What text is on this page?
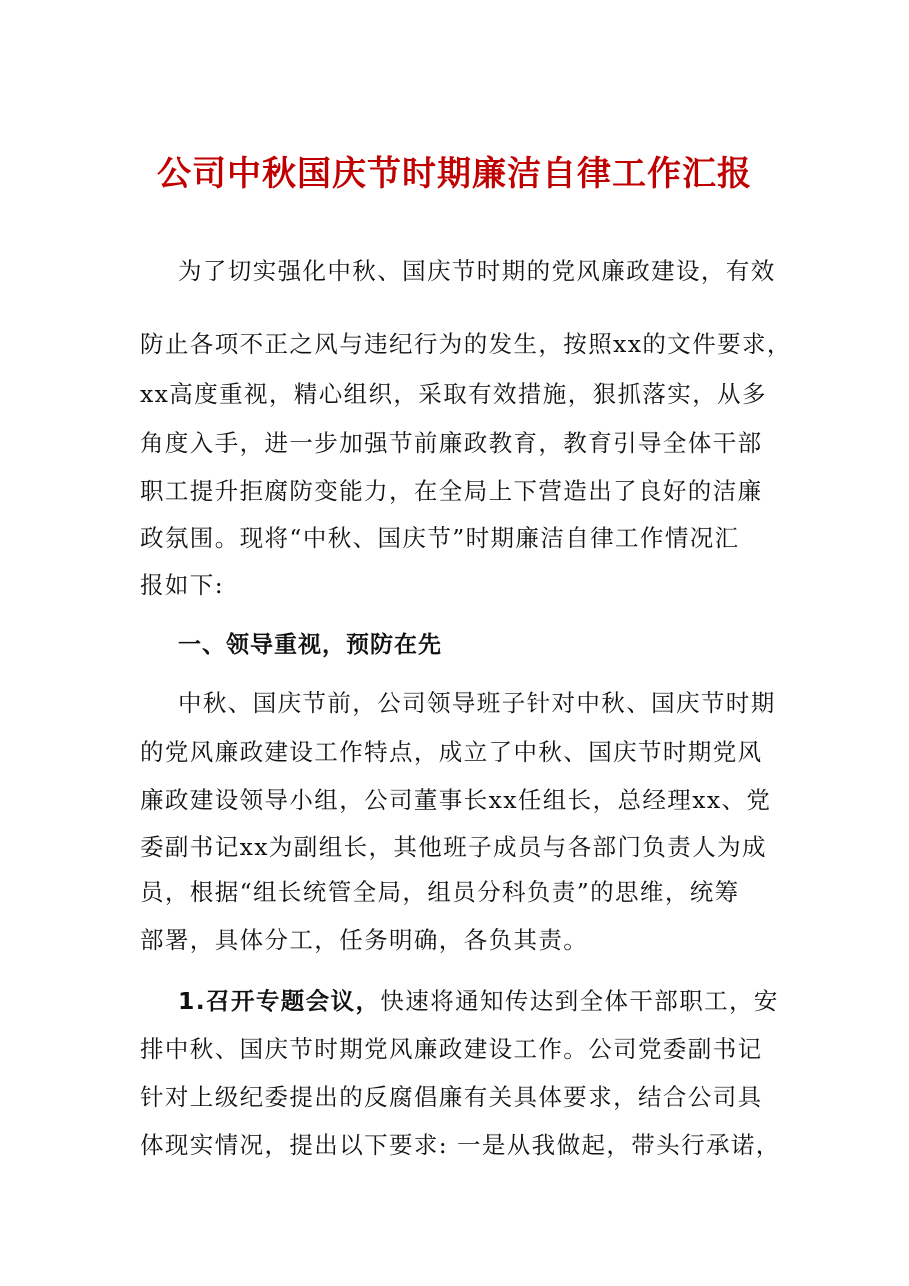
公司中秋国庆节时期廉洁自律工作汇报

为了切实强化中秋、国庆节时期的党风廉政建设，有效

防止各项不正之风与违纪行为的发生，按照xx的文件要求，

xx高度重视，精心组织，采取有效措施，狠抓落实，从多

角度入手，进一步加强节前廉政教育，教育引导全体干部

职工提升拒腐防变能力，在全局上下营造出了良好的洁廉

政氛围。现将“中秋、国庆节”时期廉洁自律工作情况汇

报如下:

一、领导重视，预防在先

中秋、国庆节前，公司领导班子针对中秋、国庆节时期

的党风廉政建设工作特点，成立了中秋、国庆节时期党风

廉政建设领导小组，公司董事长xx任组长，总经理xx、党

委副书记xx为副组长，其他班子成员与各部门负责人为成

员，根据“组长统管全局，组员分科负责”的思维，统筹

部署，具体分工，任务明确，各负其责。

1.召开专题会议，快速将通知传达到全体干部职工，安

排中秋、国庆节时期党风廉政建设工作。公司党委副书记

针对上级纪委提出的反腐倡廉有关具体要求，结合公司具

体现实情况，提出以下要求: 一是从我做起，带头行承诺，
